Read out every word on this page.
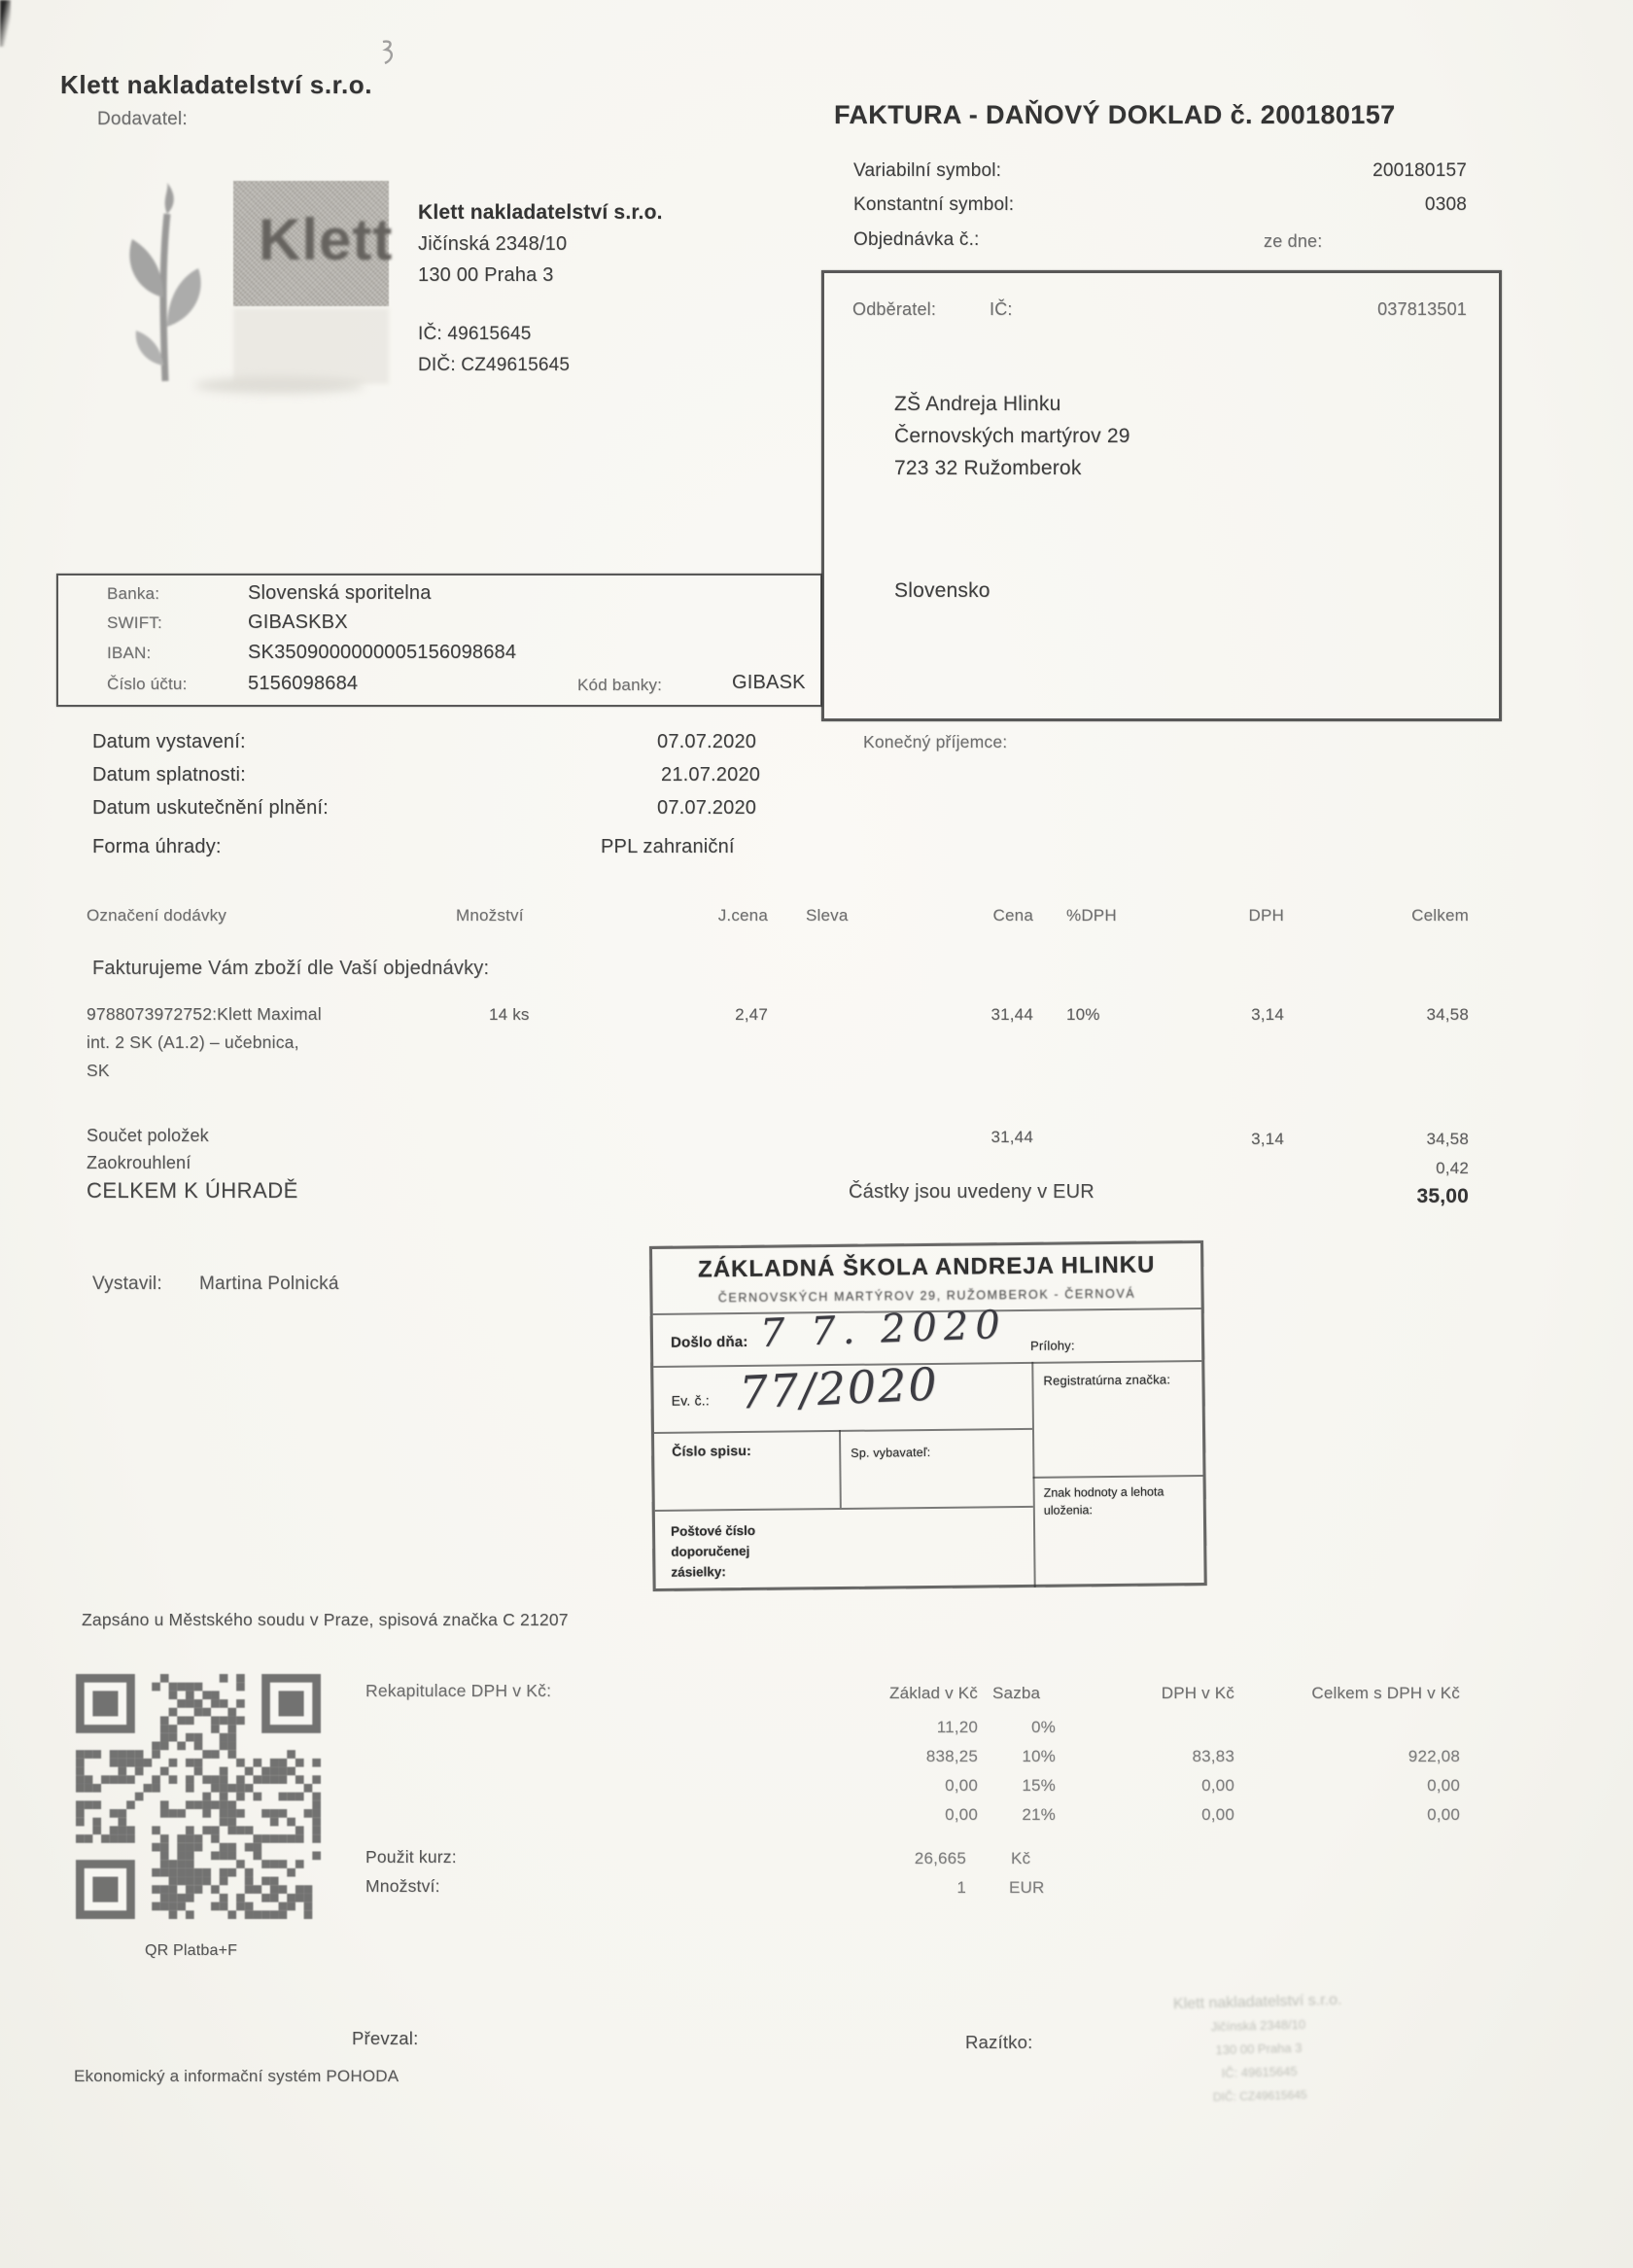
Klett nakladatelství s.r.o.
Dodavatel:	FAKTURA - DAŇOVÝ DOKLAD č. 200180157
Klett Klett nakladatelství s.r.o.
Jičínská 2348/10
130 00 Praha 3
IČ: 49615645
DIČ: CZ49615645
Variabilní symbol:	200180157
Konstantní symbol:	0308
Objednávka č.:	ze dne:
Odběratel:	IČ:	037813501
ZŠ Andreja Hlinku
Černovských martýrov 29
723 32 Ružomberok
Slovensko
Banka:	Slovenská sporitelna
SWIFT:	GIBASKBX
IBAN:	SK3509000000005156098684
Číslo účtu:	5156098684	Kód banky:	GIBASK
Datum vystavení:	07.07.2020
Datum splatnosti:	21.07.2020
Datum uskutečnění plnění:	07.07.2020
Konečný příjemce:
Forma úhrady:	PPL zahraniční
Označení dodávky	Množství	J.cena Sleva	Cena %DPH	DPH	Celkem
Fakturujeme Vám zboží dle Vaší objednávky:
9788073972752:Klett Maximal
int. 2 SK (A1.2) – učebnica,
SK
14 ks	2,47	31,44 10%	3,14	34,58
Součet položek	31,44	3,14	34,58
Zaokrouhlení	0,42
CELKEM K ÚHRADĚ	Částky jsou uvedeny v EUR	35,00
Vystavil: Martina Polnická
ZÁKLADNÁ ŠKOLA ANDREJA HLINKU
ČERNOVSKÝCH MARTÝROV 29, RUŽOMBEROK - ČERNOVÁ
Došlo dňa: 7 7. 2020 Prílohy:
Ev. č.: 77/2020	Registratúrna značka:
Číslo spisu:	Sp. vybavateľ:
Znak hodnoty a lehota uloženia:
Poštové číslo doporučenej zásielky:
Zapsáno u Městského soudu v Praze, spisová značka C 21207
QR Platba+F
Rekapitulace DPH v Kč:	Základ v Kč Sazba	DPH v Kč	Celkem s DPH v Kč
11,20	0%
838,25	10%	83,83	922,08
0,00	15%	0,00	0,00
0,00	21%	0,00	0,00
Použit kurz:	26,665	Kč
Množství:	1	EUR
Převzal:	Razítko:
Klett nakladatelství s.r.o.
Jičínská 2348/10
130 00 Praha 3
IČ: 49615645
DIČ: CZ49615645
Ekonomický a informační systém POHODA
